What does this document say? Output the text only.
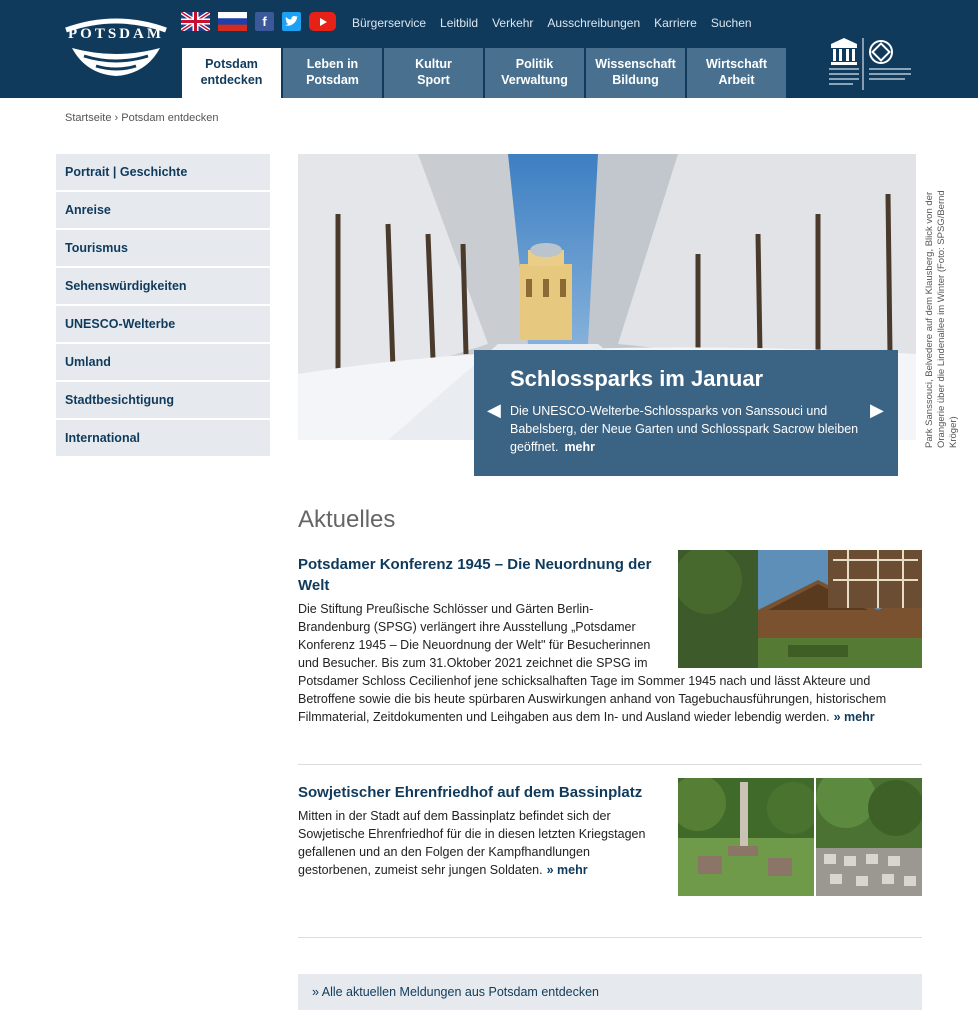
POTSDAM
f	Bürgerservice Leitbild Verkehr Ausschreibungen Karriere Suchen
Potsdam
entdecken
Leben in
Potsdam
Kultur
Sport
Politik
Verwaltung
Wissenschaft
Bildung
Wirtschaft
Arbeit
Startseite › Potsdam entdecken
Portrait | Geschichte
Anreise
Tourismus
Sehenswürdigkeiten
UNESCO-Welterbe
Umland
Stadtbesichtigung
International
Schlossparks im Januar

Die UNESCO-Welterbe-Schlossparks von Sanssouci und Babelsberg, der Neue Garten und Schlosspark Sacrow bleiben geöffnet. mehr

◀	▶	Park Sanssouci, Belvedere auf dem Klausberg, Blick von der Orangerie über die Lindenallee im Winter (Foto: SPSG/Bernd Kröger)
Aktuelles
Potsdamer Konferenz 1945 – Die Neuordnung der Welt

Die Stiftung Preußische Schlösser und Gärten Berlin-Brandenburg (SPSG) verlängert ihre Ausstellung „Potsdamer Konferenz 1945 – Die Neuordnung der Welt" für Besucherinnen und Besucher. Bis zum 31.Oktober 2021 zeichnet die SPSG im Potsdamer Schloss Cecilienhof jene schicksalhaften Tage im Sommer 1945 nach und lässt Akteure und Betroffene sowie die bis heute spürbaren Auswirkungen anhand von Tagebuchausführungen, historischem Filmmaterial, Zeitdokumenten und Leihgaben aus dem In- und Ausland wieder lebendig werden. » mehr

Sowjetischer Ehrenfriedhof auf dem Bassinplatz

Mitten in der Stadt auf dem Bassinplatz befindet sich der Sowjetische Ehrenfriedhof für die in diesen letzten Kriegstagen gefallenen und an den Folgen der Kampfhandlungen gestorbenen, zumeist sehr jungen Soldaten. » mehr

» Alle aktuellen Meldungen aus Potsdam entdecken
